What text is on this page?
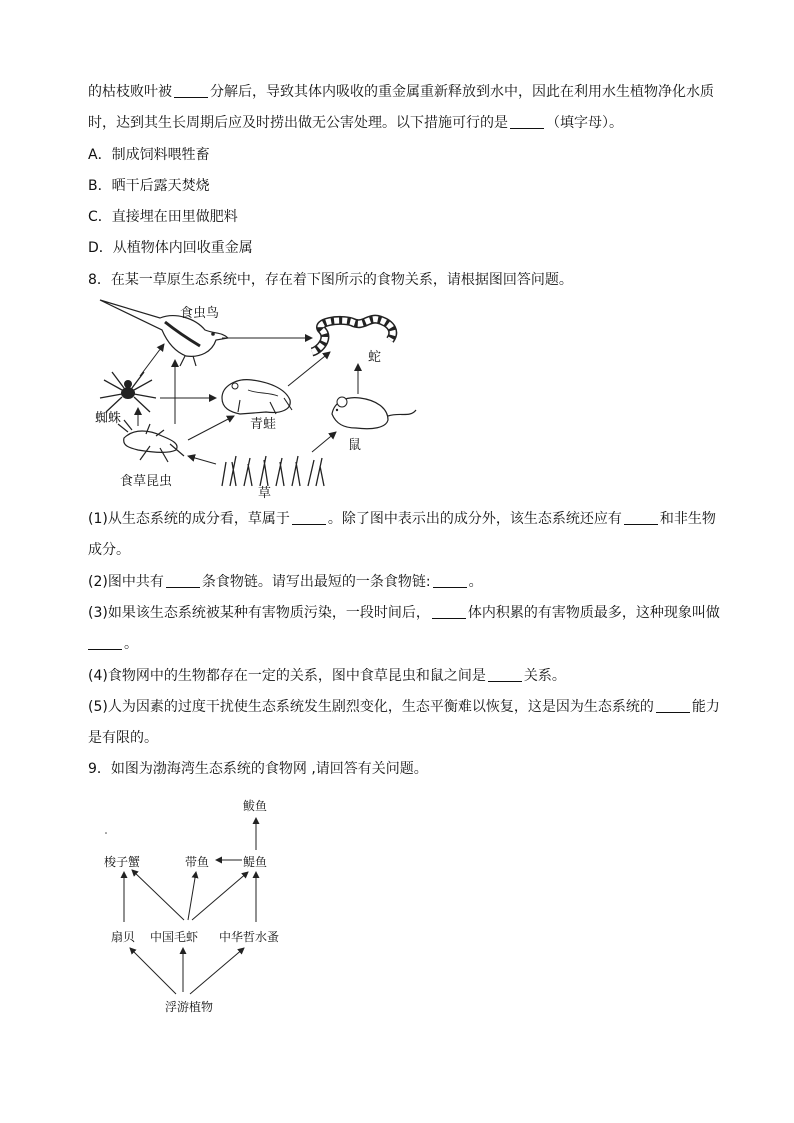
的枯枝败叶被	分解后，导致其体内吸收的重金属重新释放到水中，因此在利用水生植物净化水质
时，达到其生长周期后应及时捞出做无公害处理。以下措施可行的是	（填字母）。
A．制成饲料喂牲畜
B．晒干后露天焚烧
C．直接埋在田里做肥料
D．从植物体内回收重金属
8．在某一草原生态系统中，存在着下图所示的食物关系，请根据图回答问题。
食虫鸟
蛇
蜘蛛	青蛙
鼠
食草昆虫
草
(1)从生态系统的成分看，草属于	。除了图中表示出的成分外，该生态系统还应有	和非生物
成分。
(2)图中共有	条食物链。请写出最短的一条食物链:	。
(3)如果该生态系统被某种有害物质污染，一段时间后，	体内积累的有害物质最多，这种现象叫做
。
(4)食物网中的生物都存在一定的关系，图中食草昆虫和鼠之间是	关系。
(5)人为因素的过度干扰使生态系统发生剧烈变化，生态平衡难以恢复，这是因为生态系统的	能力
是有限的。
9．如图为渤海湾生态系统的食物网 ,请回答有关问题。
鲅鱼
梭子蟹	带鱼	鳀鱼
扇贝 中国毛虾 中华哲水蚤
浮游植物
